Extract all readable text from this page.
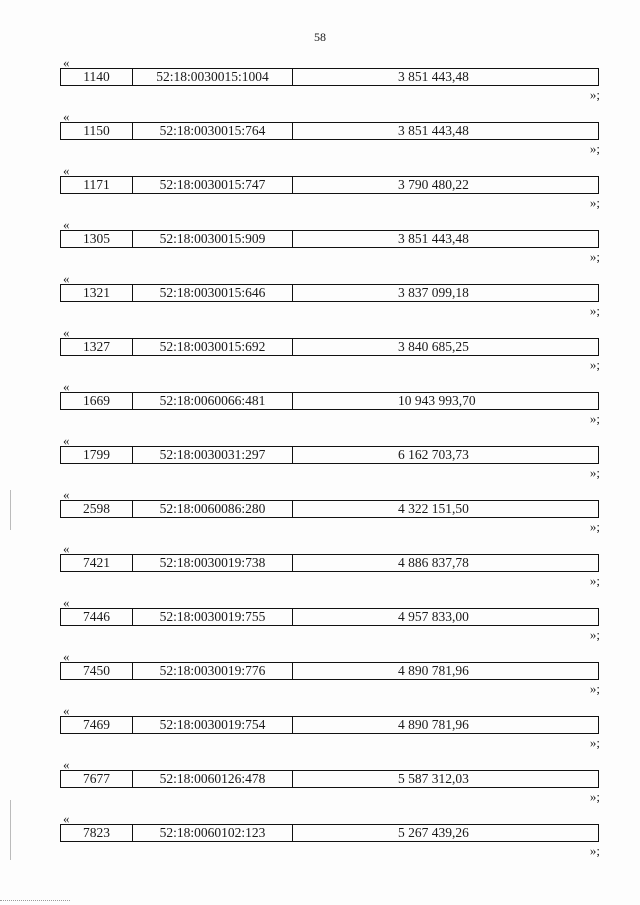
58
«
1140	52:18:0030015:1004	3 851 443,48
»;
«
1150	52:18:0030015:764	3 851 443,48
»;
«
1171	52:18:0030015:747	3 790 480,22
»;
«
1305	52:18:0030015:909	3 851 443,48
»;
«
1321	52:18:0030015:646	3 837 099,18
»;
«
1327	52:18:0030015:692	3 840 685,25
»;
«
1669	52:18:0060066:481	10 943 993,70
»;
«
1799	52:18:0030031:297	6 162 703,73
»;
«
2598	52:18:0060086:280	4 322 151,50
»;
«
7421	52:18:0030019:738	4 886 837,78
»;
«
7446	52:18:0030019:755	4 957 833,00
»;
«
7450	52:18:0030019:776	4 890 781,96
»;
«
7469	52:18:0030019:754	4 890 781,96
»;
«
7677	52:18:0060126:478	5 587 312,03
»;
«
7823	52:18:0060102:123	5 267 439,26
»;
